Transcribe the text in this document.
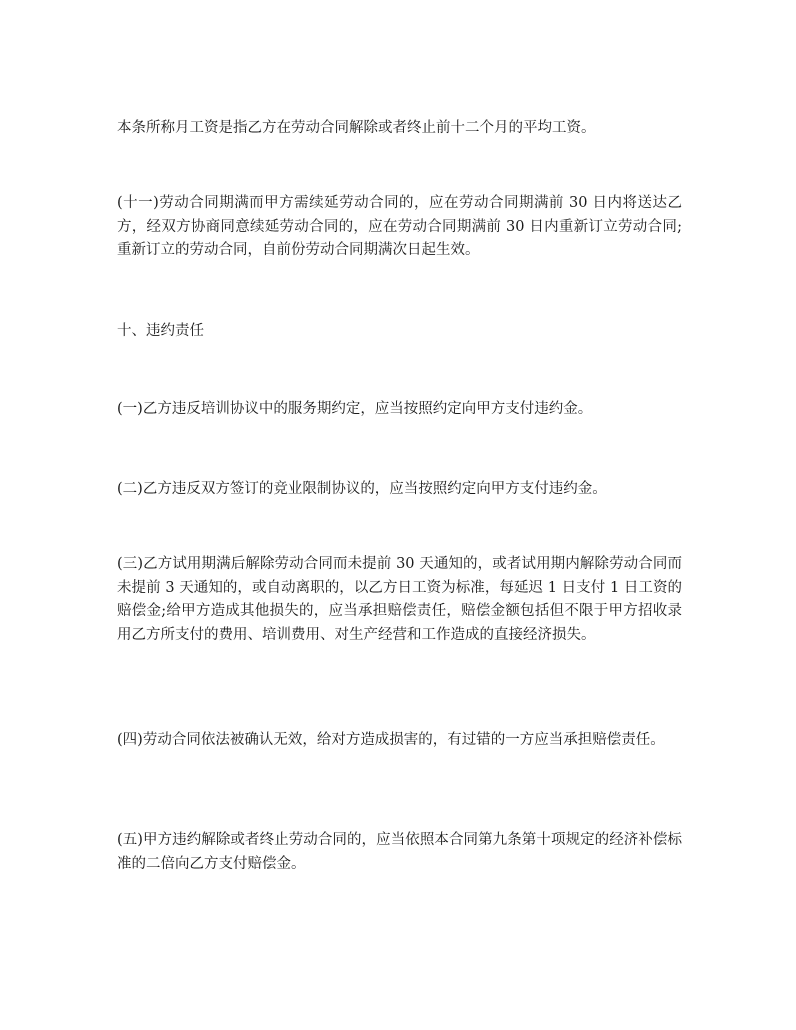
本条所称月工资是指乙方在劳动合同解除或者终止前十二个月的平均工资。

(十一)劳动合同期满而甲方需续延劳动合同的，应在劳动合同期满前 30 日内将送达乙方，经双方协商同意续延劳动合同的，应在劳动合同期满前 30 日内重新订立劳动合同;重新订立的劳动合同，自前份劳动合同期满次日起生效。

十、违约责任

(一)乙方违反培训协议中的服务期约定，应当按照约定向甲方支付违约金。

(二)乙方违反双方签订的竞业限制协议的，应当按照约定向甲方支付违约金。

(三)乙方试用期满后解除劳动合同而未提前 30 天通知的，或者试用期内解除劳动合同而未提前 3 天通知的，或自动离职的，以乙方日工资为标准，每延迟 1 日支付 1 日工资的赔偿金;给甲方造成其他损失的，应当承担赔偿责任，赔偿金额包括但不限于甲方招收录用乙方所支付的费用、培训费用、对生产经营和工作造成的直接经济损失。

(四)劳动合同依法被确认无效，给对方造成损害的，有过错的一方应当承担赔偿责任。

(五)甲方违约解除或者终止劳动合同的，应当依照本合同第九条第十项规定的经济补偿标准的二倍向乙方支付赔偿金。
